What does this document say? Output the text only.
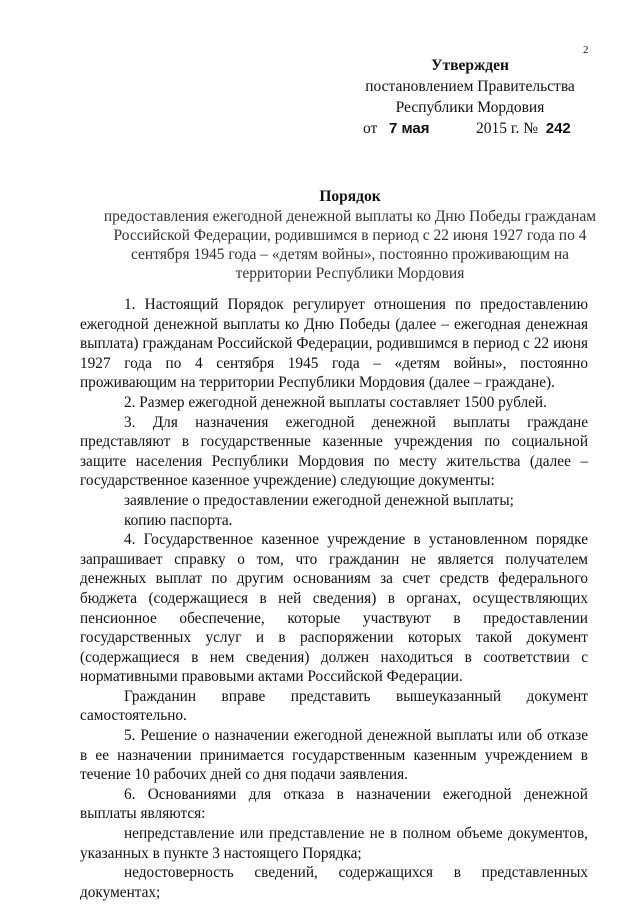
2
Утвержден
постановлением Правительства
Республики Мордовия
от 7 мая	2015 г. № 242
Порядок
предоставления ежегодной денежной выплаты ко Дню Победы гражданам Российской Федерации, родившимся в период с 22 июня 1927 года по 4 сентября 1945 года – «детям войны», постоянно проживающим на территории Республики Мордовия

1. Настоящий Порядок регулирует отношения по предоставлению ежегодной денежной выплаты ко Дню Победы (далее – ежегодная денежная выплата) гражданам Российской Федерации, родившимся в период с 22 июня 1927 года по 4 сентября 1945 года – «детям войны», постоянно проживающим на территории Республики Мордовия (далее – граждане).

2. Размер ежегодной денежной выплаты составляет 1500 рублей.

3. Для назначения ежегодной денежной выплаты граждане представляют в государственные казенные учреждения по социальной защите населения Республики Мордовия по месту жительства (далее – государственное казенное учреждение) следующие документы:

заявление о предоставлении ежегодной денежной выплаты;

копию паспорта.

4. Государственное казенное учреждение в установленном порядке запрашивает справку о том, что гражданин не является получателем денежных выплат по другим основаниям за счет средств федерального бюджета (содержащиеся в ней сведения) в органах, осуществляющих пенсионное обеспечение, которые участвуют в предоставлении государственных услуг и в распоряжении которых такой документ (содержащиеся в нем сведения) должен находиться в соответствии с нормативными правовыми актами Российской Федерации.

Гражданин вправе представить вышеуказанный документ самостоятельно.

5. Решение о назначении ежегодной денежной выплаты или об отказе в ее назначении принимается государственным казенным учреждением в течение 10 рабочих дней со дня подачи заявления.

6. Основаниями для отказа в назначении ежегодной денежной выплаты являются:

непредставление или представление не в полном объеме документов, указанных в пункте 3 настоящего Порядка;

недостоверность сведений, содержащихся в представленных документах;
